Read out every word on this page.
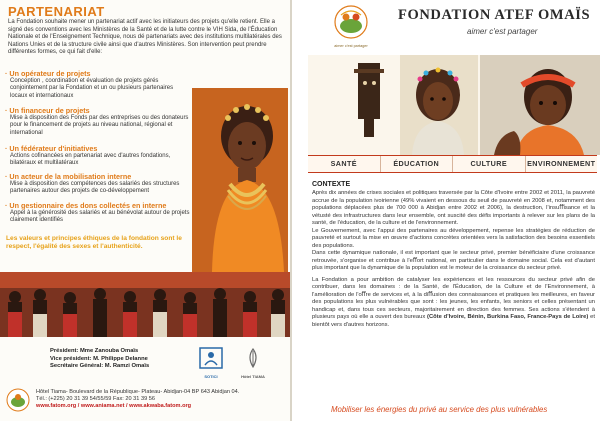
PARTENARIAT
La Fondation souhaite mener un partenariat actif avec les initiateurs des projets qu'elle retient. Elle a signé des conventions avec les Ministères de la Santé et de la lutte contre le VIH Sida, de l'Éducation Nationale et de l'Enseignement Technique, nous dé partenariats avec des institutions multilatérales des Nations Unies et de la structure civile ainsi que d'autres Ministères. Son intervention peut prendre différentes formes, ce qui fait d'elle:
· Un opérateur de projets
Conception , coordination et évaluation de projets gérés conjointement par la Fondation et un ou plusieurs partenaires locaux et internationaux
· Un financeur de projets
Mise à disposition des Fonds par des entreprises ou des donateurs pour le financement de projets au niveau national, régional et international
· Un fédérateur d'initiatives
Actions coﬁnancées en partenariat avec d'autres fondations, bilatéraux et multilatéraux
· Un acteur de la mobilisation interne
Mise à disposition des compétences des salariés des structures partenaires autour des projets de co-développement
· Un gestionnaire des dons collectés en interne
Appel à la générosité des salariés et au bénévolat autour de projets clairement identiﬁés
Les valeurs et principes éthiques de la fondation sont le respect, l'égalité des sexes et l'authenticité.
Président: Mme Zanouba Omaïs
Vice président: M. Philippe Delanne
Secrétaire Général: M. Ramzi Omaïs
SOTICI	Hôtel TIAMA
Hôtel Tiama- Boulevard de la République- Plateau- Abidjan-04 BP 643 Abidjan 04.
Tél.: (+225) 20 31 39 54/55/59 Fax: 20 31 39 56
www.fatom.org / www.aniama.net / www.akwaba.fatom.org
aimer c'est partager
FONDATION ATEF OMAÏS
aimer c'est partager
SANTÉ	ÉDUCATION	CULTURE	ENVIRONNEMENT
CONTEXTE

Après dix années de crises sociales et politiques traversée par la Côte d'Ivoire entre 2002 et 2011, la pauvreté accrue de la population ivoirienne (49% vivaient en dessous du seuil de pauvreté en 2008 et, notamment des populations déplacées plus de 700 000 à Abidjan entre 2002 et 2006), la destruction, l'insuﬃsance et la vétusté des infrastructures dans leur ensemble, ont suscité des déﬁs importants à relever sur les plans de la santé, de l'éducation, de la culture et de l'environnement.

Le Gouvernement, avec l'appui des partenaires au développement, repense les stratégies de réduction de pauvreté et surtout la mise en œuvre d'actions concrètes orientées vers la satisfaction des besoins essentiels des populations.

Dans cette dynamique nationale, il est important que le secteur privé, premier bénéﬁciaire d'une croissance retrouvée, s'organise et contribue à l'eﬀort national, en particulier dans le domaine social. Cela est d'autant plus important que la dynamique de la population est le moteur de la croissance du secteur privé.

La Fondation a pour ambition de catalyser les expériences et les ressources du secteur privé aﬁn de contribuer, dans les domaines : de la Santé, de l'Éducation, de la Culture et de l'Environnement, à l'amélioration de l'oﬀre de services et, à la diﬀusion des connaissances et pratiques les meilleures, en faveur des populations les plus vulnérables que sont : les jeunes, les enfants, les seniors et celles présentant un handicap et, dans tous ces secteurs, majoritairement en direction des femmes. Ses actions s'étendent à plusieurs pays où elle a ouvert des bureaux (Côte d'Ivoire, Bénin, Burkina Faso, France-Pays de Loire) et bientôt vers d'autres horizons.

Mobiliser les énergies du privé au service des plus vulnérables
